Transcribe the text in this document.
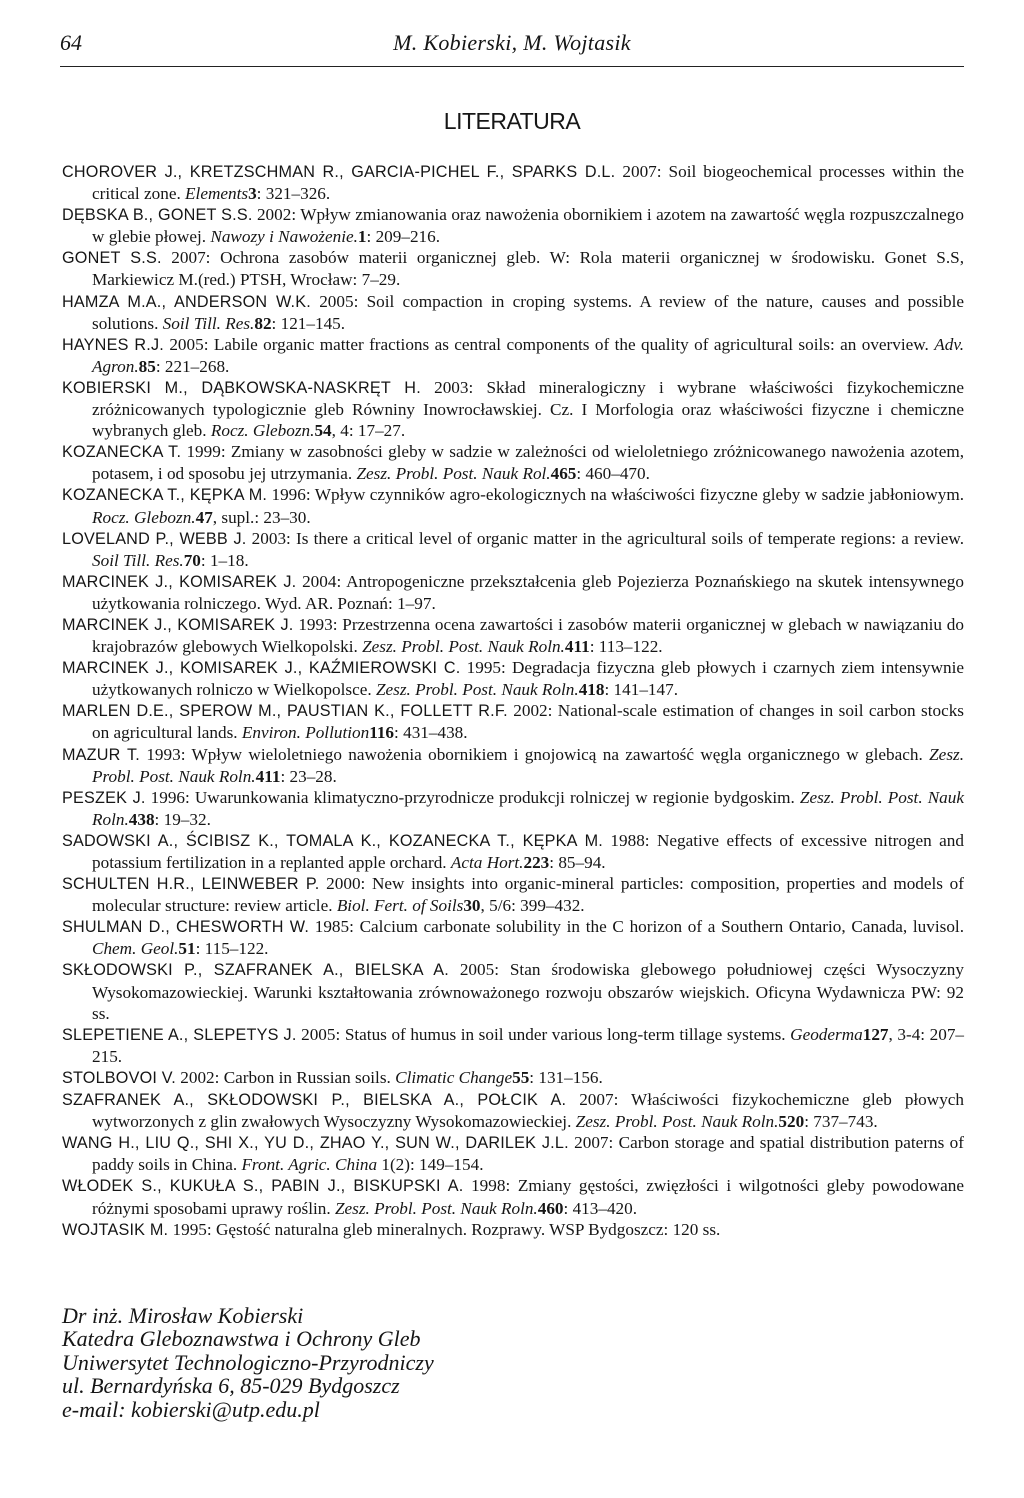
64	M. Kobierski, M. Wojtasik
LITERATURA
CHOROVER J., KRETZSCHMAN R., GARCIA-PICHEL F., SPARKS D.L. 2007: Soil biogeochemical processes within the critical zone. Elements3: 321–326.
DĘBSKA B., GONET S.S. 2002: Wpływ zmianowania oraz nawożenia obornikiem i azotem na zawartość węgla rozpuszczalnego w glebie płowej. Nawozy i Nawożenie.1: 209–216.
GONET S.S. 2007: Ochrona zasobów materii organicznej gleb. W: Rola materii organicznej w środowisku. Gonet S.S, Markiewicz M.(red.) PTSH, Wrocław: 7–29.
HAMZA M.A., ANDERSON W.K. 2005: Soil compaction in croping systems. A review of the nature, causes and possible solutions. Soil Till. Res.82: 121–145.
HAYNES R.J. 2005: Labile organic matter fractions as central components of the quality of agricultural soils: an overview. Adv. Agron.85: 221–268.
KOBIERSKI M., DĄBKOWSKA-NASKRĘT H. 2003: Skład mineralogiczny i wybrane właściwości fizykochemiczne zróżnicowanych typologicznie gleb Równiny Inowrocławskiej. Cz. I Morfologia oraz właściwości fizyczne i chemiczne wybranych gleb. Rocz. Glebozn.54, 4: 17–27.
KOZANECKA T. 1999: Zmiany w zasobności gleby w sadzie w zależności od wieloletniego zróżnicowanego nawożenia azotem, potasem, i od sposobu jej utrzymania. Zesz. Probl. Post. Nauk Rol.465: 460–470.
KOZANECKA T., KĘPKA M. 1996: Wpływ czynników agro-ekologicznych na właściwości fizyczne gleby w sadzie jabłoniowym. Rocz. Glebozn.47, supl.: 23–30.
LOVELAND P., WEBB J. 2003: Is there a critical level of organic matter in the agricultural soils of temperate regions: a review. Soil Till. Res.70: 1–18.
MARCINEK J., KOMISAREK J. 2004: Antropogeniczne przekształcenia gleb Pojezierza Poznańskiego na skutek intensywnego użytkowania rolniczego. Wyd. AR. Poznań: 1–97.
MARCINEK J., KOMISAREK J. 1993: Przestrzenna ocena zawartości i zasobów materii organicznej w glebach w nawiązaniu do krajobrazów glebowych Wielkopolski. Zesz. Probl. Post. Nauk Roln.411: 113–122.
MARCINEK J., KOMISAREK J., KAŹMIEROWSKI C. 1995: Degradacja fizyczna gleb płowych i czarnych ziem intensywnie użytkowanych rolniczo w Wielkopolsce. Zesz. Probl. Post. Nauk Roln.418: 141–147.
MARLEN D.E., SPEROW M., PAUSTIAN K., FOLLETT R.F. 2002: National-scale estimation of changes in soil carbon stocks on agricultural lands. Environ. Pollution116: 431–438.
MAZUR T. 1993: Wpływ wieloletniego nawożenia obornikiem i gnojowicą na zawartość węgla organicznego w glebach. Zesz. Probl. Post. Nauk Roln.411: 23–28.
PESZEK J. 1996: Uwarunkowania klimatyczno-przyrodnicze produkcji rolniczej w regionie bydgoskim. Zesz. Probl. Post. Nauk Roln.438: 19–32.
SADOWSKI A., ŚCIBISZ K., TOMALA K., KOZANECKA T., KĘPKA M. 1988: Negative effects of excessive nitrogen and potassium fertilization in a replanted apple orchard. Acta Hort.223: 85–94.
SCHULTEN H.R., LEINWEBER P. 2000: New insights into organic-mineral particles: composition, properties and models of molecular structure: review article. Biol. Fert. of Soils30, 5/6: 399–432.
SHULMAN D., CHESWORTH W. 1985: Calcium carbonate solubility in the C horizon of a Southern Ontario, Canada, luvisol. Chem. Geol.51: 115–122.
SKŁODOWSKI P., SZAFRANEK A., BIELSKA A. 2005: Stan środowiska glebowego południowej części Wysoczyzny Wysokomazowieckiej. Warunki kształtowania zrównoważonego rozwoju obszarów wiejskich. Oficyna Wydawnicza PW: 92 ss.
SLEPETIENE A., SLEPETYS J. 2005: Status of humus in soil under various long-term tillage systems. Geoderma127, 3-4: 207–215.
STOLBOVOI V. 2002: Carbon in Russian soils. Climatic Change55: 131–156.
SZAFRANEK A., SKŁODOWSKI P., BIELSKA A., POŁCIK A. 2007: Właściwości fizykochemiczne gleb płowych wytworzonych z glin zwałowych Wysoczyzny Wysokomazowieckiej. Zesz. Probl. Post. Nauk Roln.520: 737–743.
WANG H., LIU Q., SHI X., YU D., ZHAO Y., SUN W., DARILEK J.L. 2007: Carbon storage and spatial distribution paterns of paddy soils in China. Front. Agric. China 1(2): 149–154.
WŁODEK S., KUKUŁA S., PABIN J., BISKUPSKI A. 1998: Zmiany gęstości, zwięzłości i wilgotności gleby powodowane różnymi sposobami uprawy roślin. Zesz. Probl. Post. Nauk Roln.460: 413–420.
WOJTASIK M. 1995: Gęstość naturalna gleb mineralnych. Rozprawy. WSP Bydgoszcz: 120 ss.
Dr inż. Mirosław Kobierski
Katedra Gleboznawstwa i Ochrony Gleb
Uniwersytet Technologiczno-Przyrodniczy
ul. Bernardyńska 6, 85-029 Bydgoszcz
e-mail: kobierski@utp.edu.pl
